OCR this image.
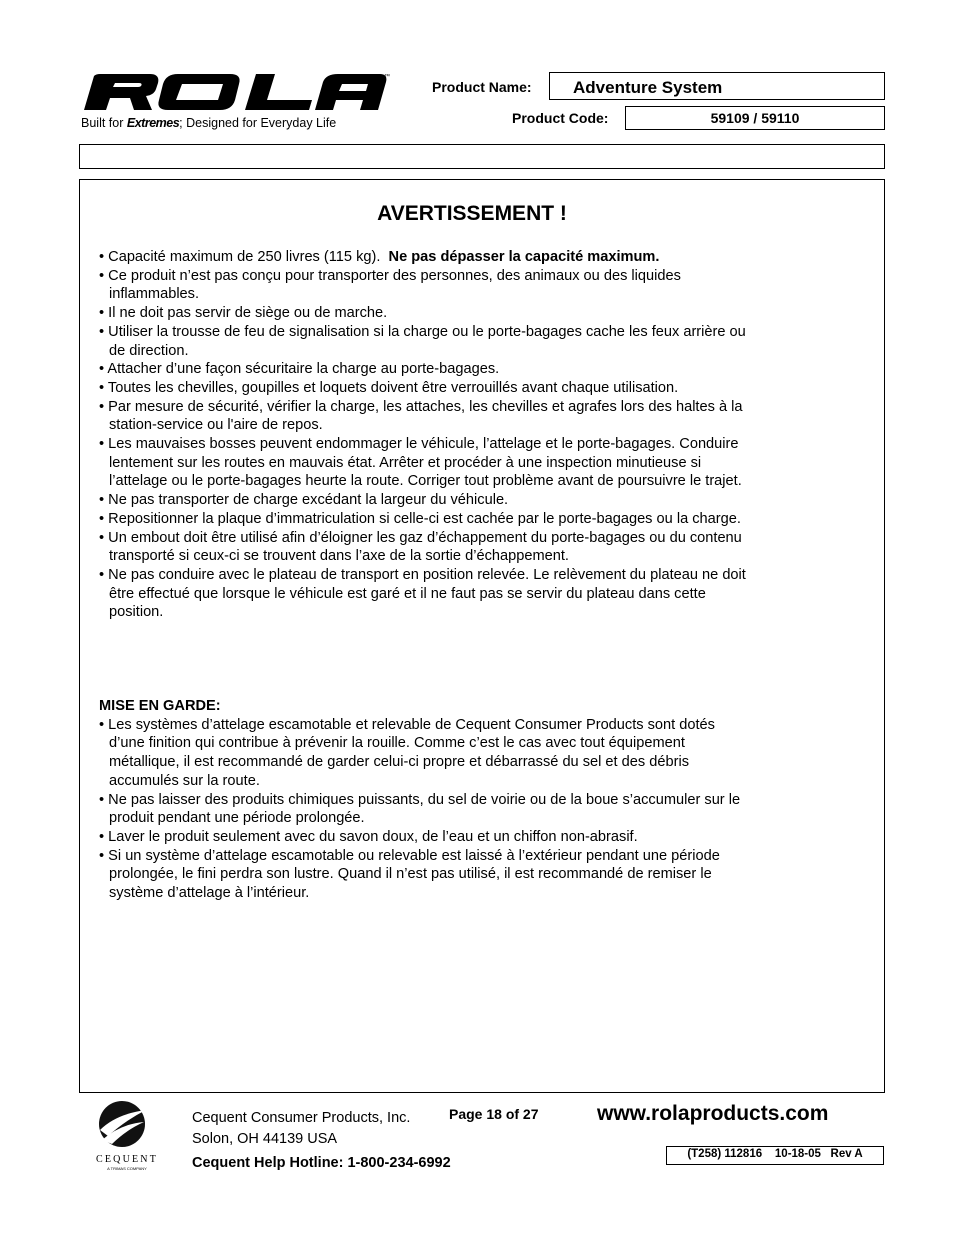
™
Built for Extremes; Designed for Everyday Life
Product Name: Adventure System
Product Code:	59109 / 59110
AVERTISSEMENT !

• Capacité maximum de 250 livres (115 kg). Ne pas dépasser la capacité maximum.

• Ce produit n’est pas conçu pour transporter des personnes, des animaux ou des liquides inflammables.

• Il ne doit pas servir de siège ou de marche.

• Utiliser la trousse de feu de signalisation si la charge ou le porte-bagages cache les feux arrière ou de direction.

• Attacher d’une façon sécuritaire la charge au porte-bagages.

• Toutes les chevilles, goupilles et loquets doivent être verrouillés avant chaque utilisation.

• Par mesure de sécurité, vérifier la charge, les attaches, les chevilles et agrafes lors des haltes à la station-service ou l'aire de repos.

• Les mauvaises bosses peuvent endommager le véhicule, l’attelage et le porte-bagages. Conduire lentement sur les routes en mauvais état. Arrêter et procéder à une inspection minutieuse si l’attelage ou le porte-bagages heurte la route. Corriger tout problème avant de poursuivre le trajet.

• Ne pas transporter de charge excédant la largeur du véhicule.

• Repositionner la plaque d’immatriculation si celle-ci est cachée par le porte-bagages ou la charge.

• Un embout doit être utilisé afin d’éloigner les gaz d’échappement du porte-bagages ou du contenu transporté si ceux-ci se trouvent dans l’axe de la sortie d’échappement.

• Ne pas conduire avec le plateau de transport en position relevée. Le relèvement du plateau ne doit être effectué que lorsque le véhicule est garé et il ne faut pas se servir du plateau dans cette position.

MISE EN GARDE:

• Les systèmes d’attelage escamotable et relevable de Cequent Consumer Products sont dotés d’une finition qui contribue à prévenir la rouille. Comme c’est le cas avec tout équipement métallique, il est recommandé de garder celui-ci propre et débarrassé du sel et des débris accumulés sur la route.

• Ne pas laisser des produits chimiques puissants, du sel de voirie ou de la boue s’accumuler sur le produit pendant une période prolongée.

• Laver le produit seulement avec du savon doux, de l’eau et un chiffon non-abrasif.

• Si un système d’attelage escamotable ou relevable est laissé à l’extérieur pendant une période prolongée, le fini perdra son lustre. Quand il n’est pas utilisé, il est recommandé de remiser le système d’attelage à l’intérieur.

CEQUENT
A TRIMAS COMPANY
Cequent Consumer Products, Inc.
Solon, OH 44139 USA
Cequent Help Hotline: 1-800-234-6992
Page 18 of 27	www.rolaproducts.com
(T258) 112816    10-18-05   Rev A
